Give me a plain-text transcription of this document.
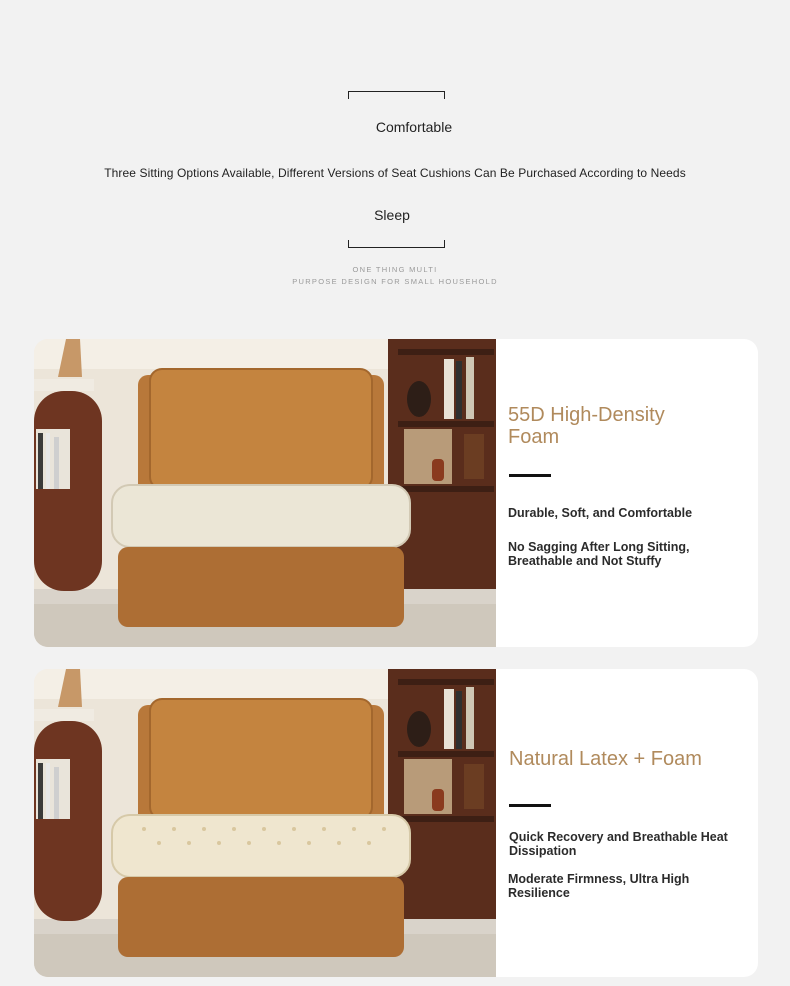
Comfortable
Three Sitting Options Available, Different Versions of Seat Cushions Can Be Purchased According to Needs
Sleep
ONE THING MULTI
PURPOSE DESIGN FOR SMALL HOUSEHOLD
55D High-Density Foam
Durable, Soft, and Comfortable
No Sagging After Long Sitting, Breathable and Not Stuffy
Natural Latex + Foam
Quick Recovery and Breathable Heat Dissipation
Moderate Firmness, Ultra High Resilience
